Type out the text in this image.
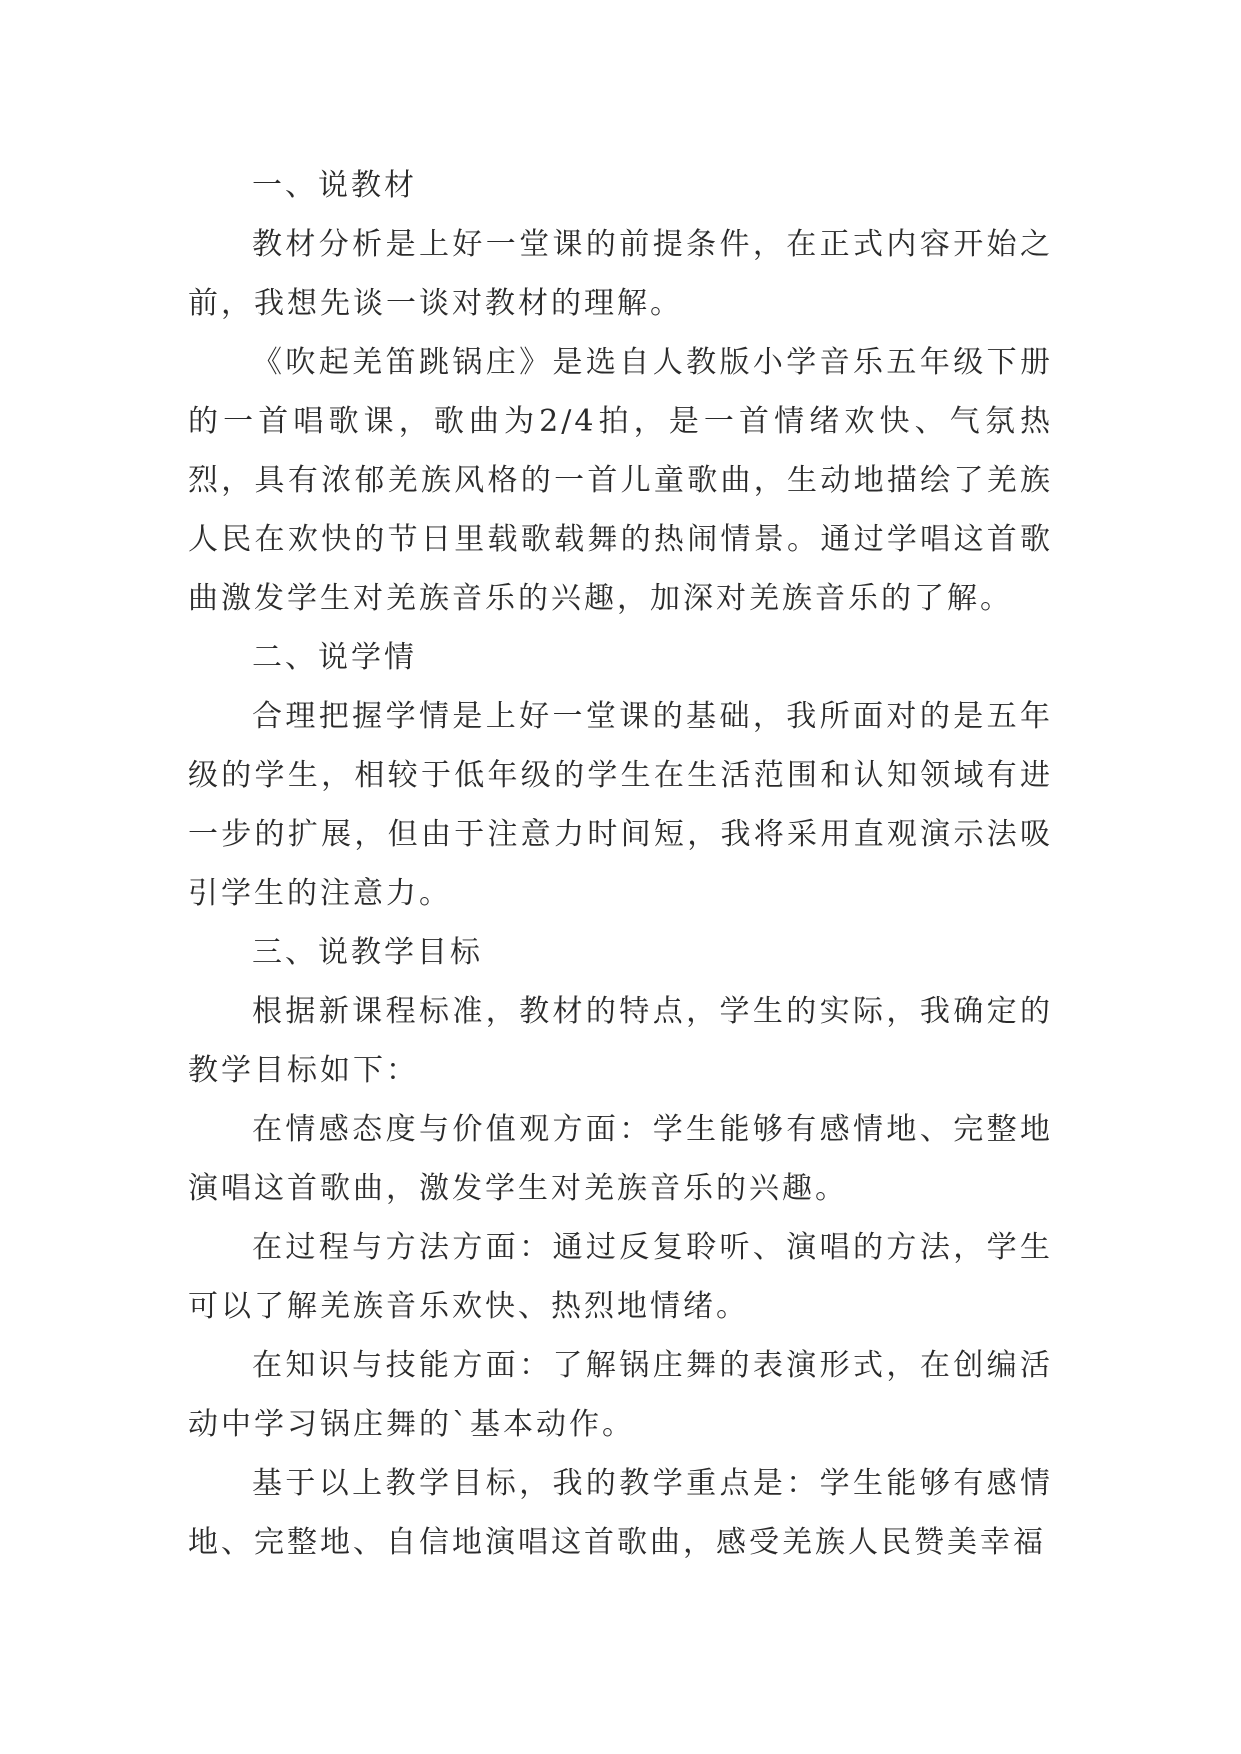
一、说教材

教材分析是上好一堂课的前提条件，在正式内容开始之前，我想先谈一谈对教材的理解。

《吹起羌笛跳锅庄》是选自人教版小学音乐五年级下册的一首唱歌课，歌曲为2/4拍，是一首情绪欢快、气氛热烈，具有浓郁羌族风格的一首儿童歌曲，生动地描绘了羌族人民在欢快的节日里载歌载舞的热闹情景。通过学唱这首歌曲激发学生对羌族音乐的兴趣，加深对羌族音乐的了解。

二、说学情

合理把握学情是上好一堂课的基础，我所面对的是五年级的学生，相较于低年级的学生在生活范围和认知领域有进一步的扩展，但由于注意力时间短，我将采用直观演示法吸引学生的注意力。

三、说教学目标

根据新课程标准，教材的特点，学生的实际，我确定的教学目标如下：

在情感态度与价值观方面：学生能够有感情地、完整地演唱这首歌曲，激发学生对羌族音乐的兴趣。

在过程与方法方面：通过反复聆听、演唱的方法，学生可以了解羌族音乐欢快、热烈地情绪。

在知识与技能方面：了解锅庄舞的表演形式，在创编活动中学习锅庄舞的`基本动作。

基于以上教学目标，我的教学重点是：学生能够有感情地、完整地、自信地演唱这首歌曲，感受羌族人民赞美幸福
